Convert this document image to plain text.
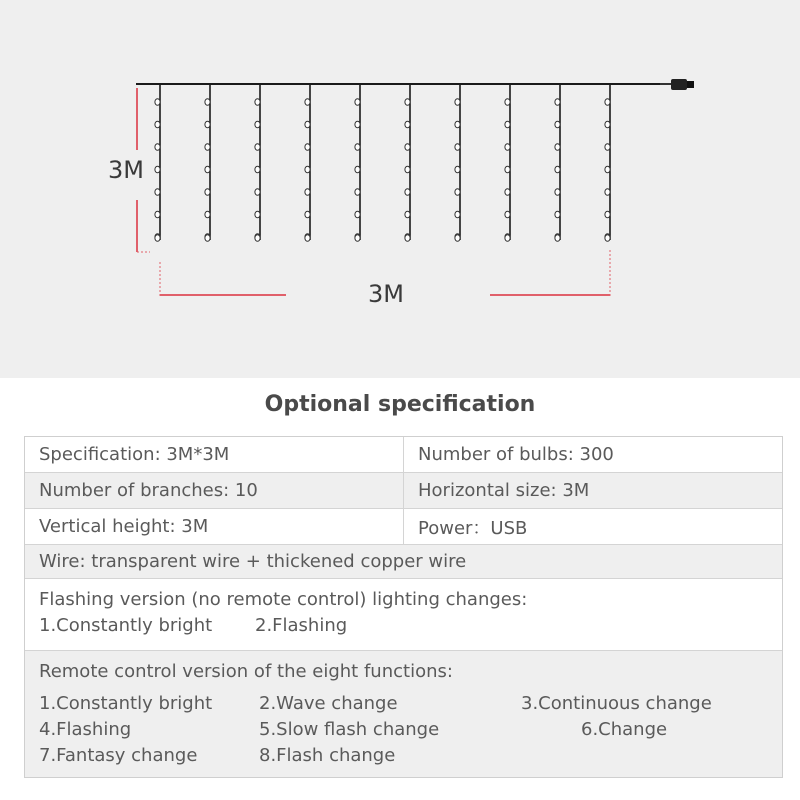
3M
3M
Optional specification
Specification: 3M*3M	Number of bulbs: 300
Number of branches: 10	Horizontal size: 3M
Vertical height: 3M	Power：USB
Wire: transparent wire + thickened copper wire
Flashing version (no remote control) lighting changes:
1.Constantly bright	2.Flashing
Remote control version of the eight functions:
1.Constantly bright	2.Wave change	3.Continuous change
4.Flashing	5.Slow flash change	6.Change
7.Fantasy change	8.Flash change
